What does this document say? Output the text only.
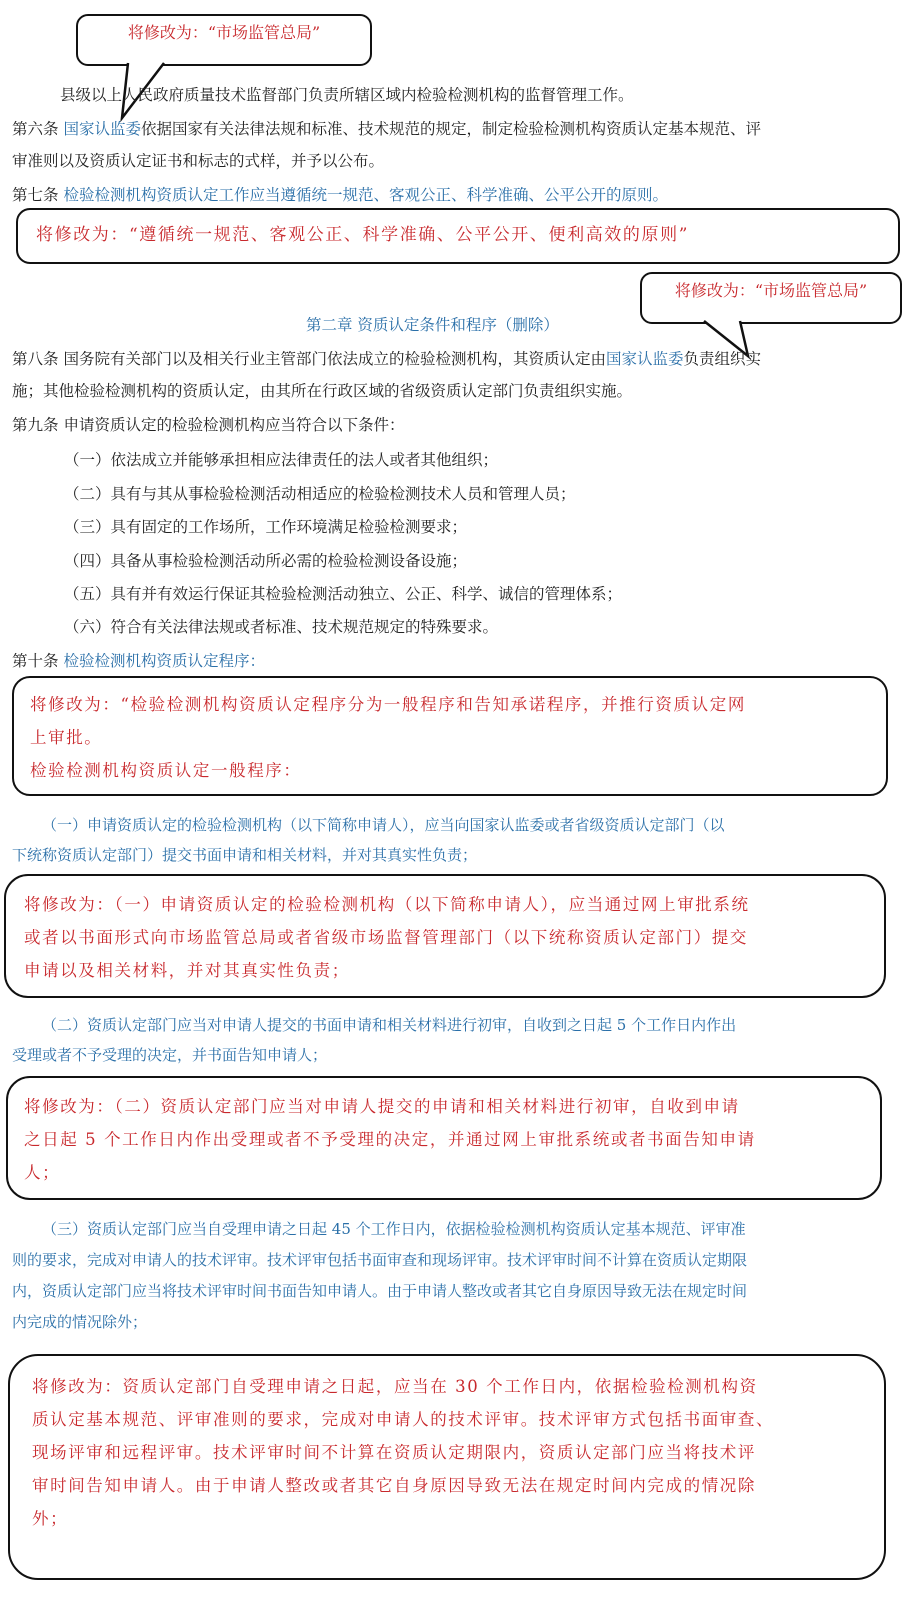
将修改为：“市场监管总局”
县级以上人民政府质量技术监督部门负责所辖区域内检验检测机构的监督管理工作。
第六条 国家认监委依据国家有关法律法规和标准、技术规范的规定，制定检验检测机构资质认定基本规范、评
审准则以及资质认定证书和标志的式样，并予以公布。
第七条 检验检测机构资质认定工作应当遵循统一规范、客观公正、科学准确、公平公开的原则。
将修改为：“遵循统一规范、客观公正、科学准确、公平公开、便利高效的原则”
将修改为：“市场监管总局”
第二章 资质认定条件和程序（删除）
第八条 国务院有关部门以及相关行业主管部门依法成立的检验检测机构，其资质认定由国家认监委负责组织实
施；其他检验检测机构的资质认定，由其所在行政区域的省级资质认定部门负责组织实施。
第九条 申请资质认定的检验检测机构应当符合以下条件：
（一）依法成立并能够承担相应法律责任的法人或者其他组织；
（二）具有与其从事检验检测活动相适应的检验检测技术人员和管理人员；
（三）具有固定的工作场所，工作环境满足检验检测要求；
（四）具备从事检验检测活动所必需的检验检测设备设施；
（五）具有并有效运行保证其检验检测活动独立、公正、科学、诚信的管理体系；
（六）符合有关法律法规或者标准、技术规范规定的特殊要求。
第十条 检验检测机构资质认定程序：
将修改为：“检验检测机构资质认定程序分为一般程序和告知承诺程序，并推行资质认定网
上审批。
检验检测机构资质认定一般程序：
（一）申请资质认定的检验检测机构（以下简称申请人），应当向国家认监委或者省级资质认定部门（以
下统称资质认定部门）提交书面申请和相关材料，并对其真实性负责；
将修改为：（一）申请资质认定的检验检测机构（以下简称申请人），应当通过网上审批系统
或者以书面形式向市场监管总局或者省级市场监督管理部门（以下统称资质认定部门）提交
申请以及相关材料，并对其真实性负责；
（二）资质认定部门应当对申请人提交的书面申请和相关材料进行初审，自收到之日起 5 个工作日内作出
受理或者不予受理的决定，并书面告知申请人；
将修改为：（二）资质认定部门应当对申请人提交的申请和相关材料进行初审，自收到申请
之日起 5 个工作日内作出受理或者不予受理的决定，并通过网上审批系统或者书面告知申请
人；
（三）资质认定部门应当自受理申请之日起 45 个工作日内，依据检验检测机构资质认定基本规范、评审准
则的要求，完成对申请人的技术评审。技术评审包括书面审查和现场评审。技术评审时间不计算在资质认定期限
内，资质认定部门应当将技术评审时间书面告知申请人。由于申请人整改或者其它自身原因导致无法在规定时间
内完成的情况除外；
将修改为：资质认定部门自受理申请之日起，应当在 30 个工作日内，依据检验检测机构资
质认定基本规范、评审准则的要求，完成对申请人的技术评审。技术评审方式包括书面审查、
现场评审和远程评审。技术评审时间不计算在资质认定期限内，资质认定部门应当将技术评
审时间告知申请人。由于申请人整改或者其它自身原因导致无法在规定时间内完成的情况除
外；
